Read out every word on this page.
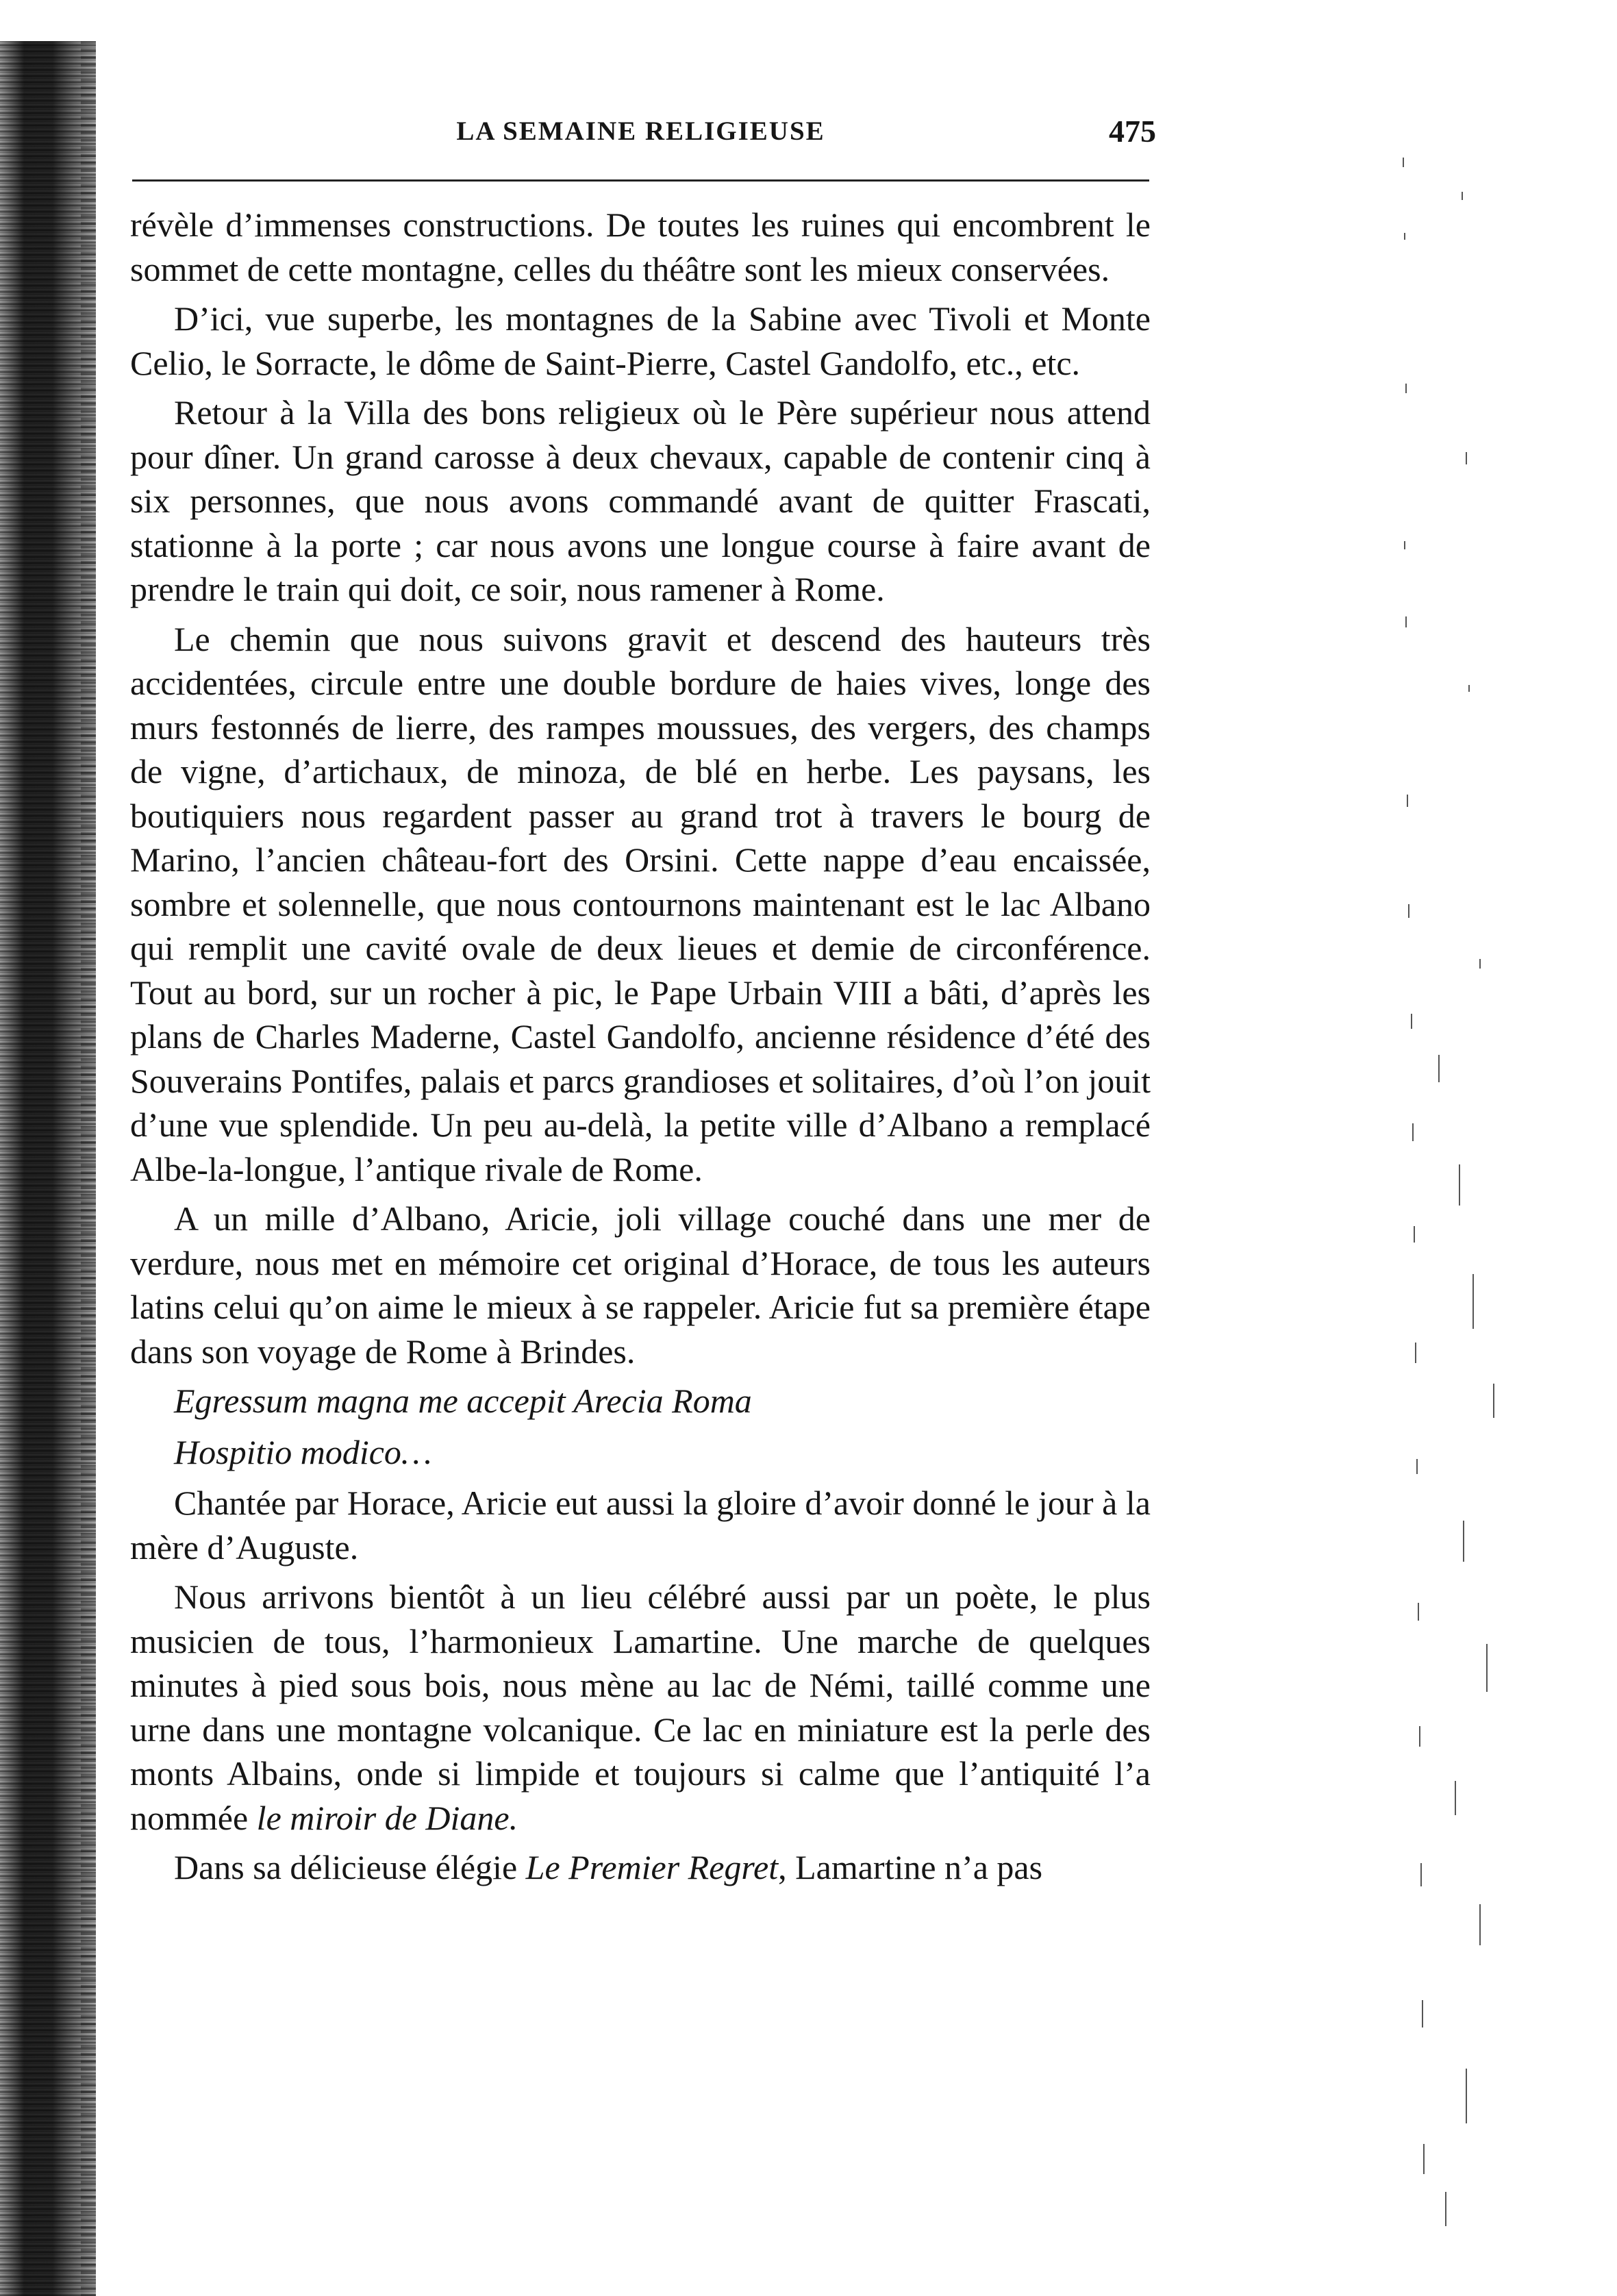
LA SEMAINE RELIGIEUSE	475

révèle d’immenses constructions. De toutes les ruines qui encombrent le sommet de cette montagne, celles du théâtre sont les mieux conservées.

D’ici, vue superbe, les montagnes de la Sabine avec Tivoli et Monte Celio, le Sorracte, le dôme de Saint-Pierre, Castel Gandolfo, etc., etc.

Retour à la Villa des bons religieux où le Père supérieur nous attend pour dîner. Un grand carosse à deux chevaux, capable de contenir cinq à six personnes, que nous avons commandé avant de quitter Frascati, stationne à la porte ; car nous avons une longue course à faire avant de prendre le train qui doit, ce soir, nous ramener à Rome.

Le chemin que nous suivons gravit et descend des hauteurs très accidentées, circule entre une double bordure de haies vives, longe des murs festonnés de lierre, des rampes moussues, des vergers, des champs de vigne, d’artichaux, de minoza, de blé en herbe. Les paysans, les boutiquiers nous regardent passer au grand trot à travers le bourg de Marino, l’ancien château-fort des Orsini. Cette nappe d’eau encaissée, sombre et solennelle, que nous contournons maintenant est le lac Albano qui remplit une cavité ovale de deux lieues et demie de circonférence. Tout au bord, sur un rocher à pic, le Pape Urbain VIII a bâti, d’après les plans de Charles Maderne, Castel Gandolfo, ancienne résidence d’été des Souverains Pontifes, palais et parcs grandioses et solitaires, d’où l’on jouit d’une vue splendide. Un peu au-delà, la petite ville d’Albano a remplacé Albe-la-longue, l’antique rivale de Rome.

A un mille d’Albano, Aricie, joli village couché dans une mer de verdure, nous met en mémoire cet original d’Horace, de tous les auteurs latins celui qu’on aime le mieux à se rappeler. Aricie fut sa première étape dans son voyage de Rome à Brindes.

Egressum magna me accepit Arecia Roma

Hospitio modico…

Chantée par Horace, Aricie eut aussi la gloire d’avoir donné le jour à la mère d’Auguste.

Nous arrivons bientôt à un lieu célébré aussi par un poète, le plus musicien de tous, l’harmonieux Lamartine. Une marche de quelques minutes à pied sous bois, nous mène au lac de Némi, taillé comme une urne dans une montagne volcanique. Ce lac en miniature est la perle des monts Albains, onde si limpide et toujours si calme que l’antiquité l’a nommée le miroir de Diane.

Dans sa délicieuse élégie Le Premier Regret, Lamartine n’a pas
